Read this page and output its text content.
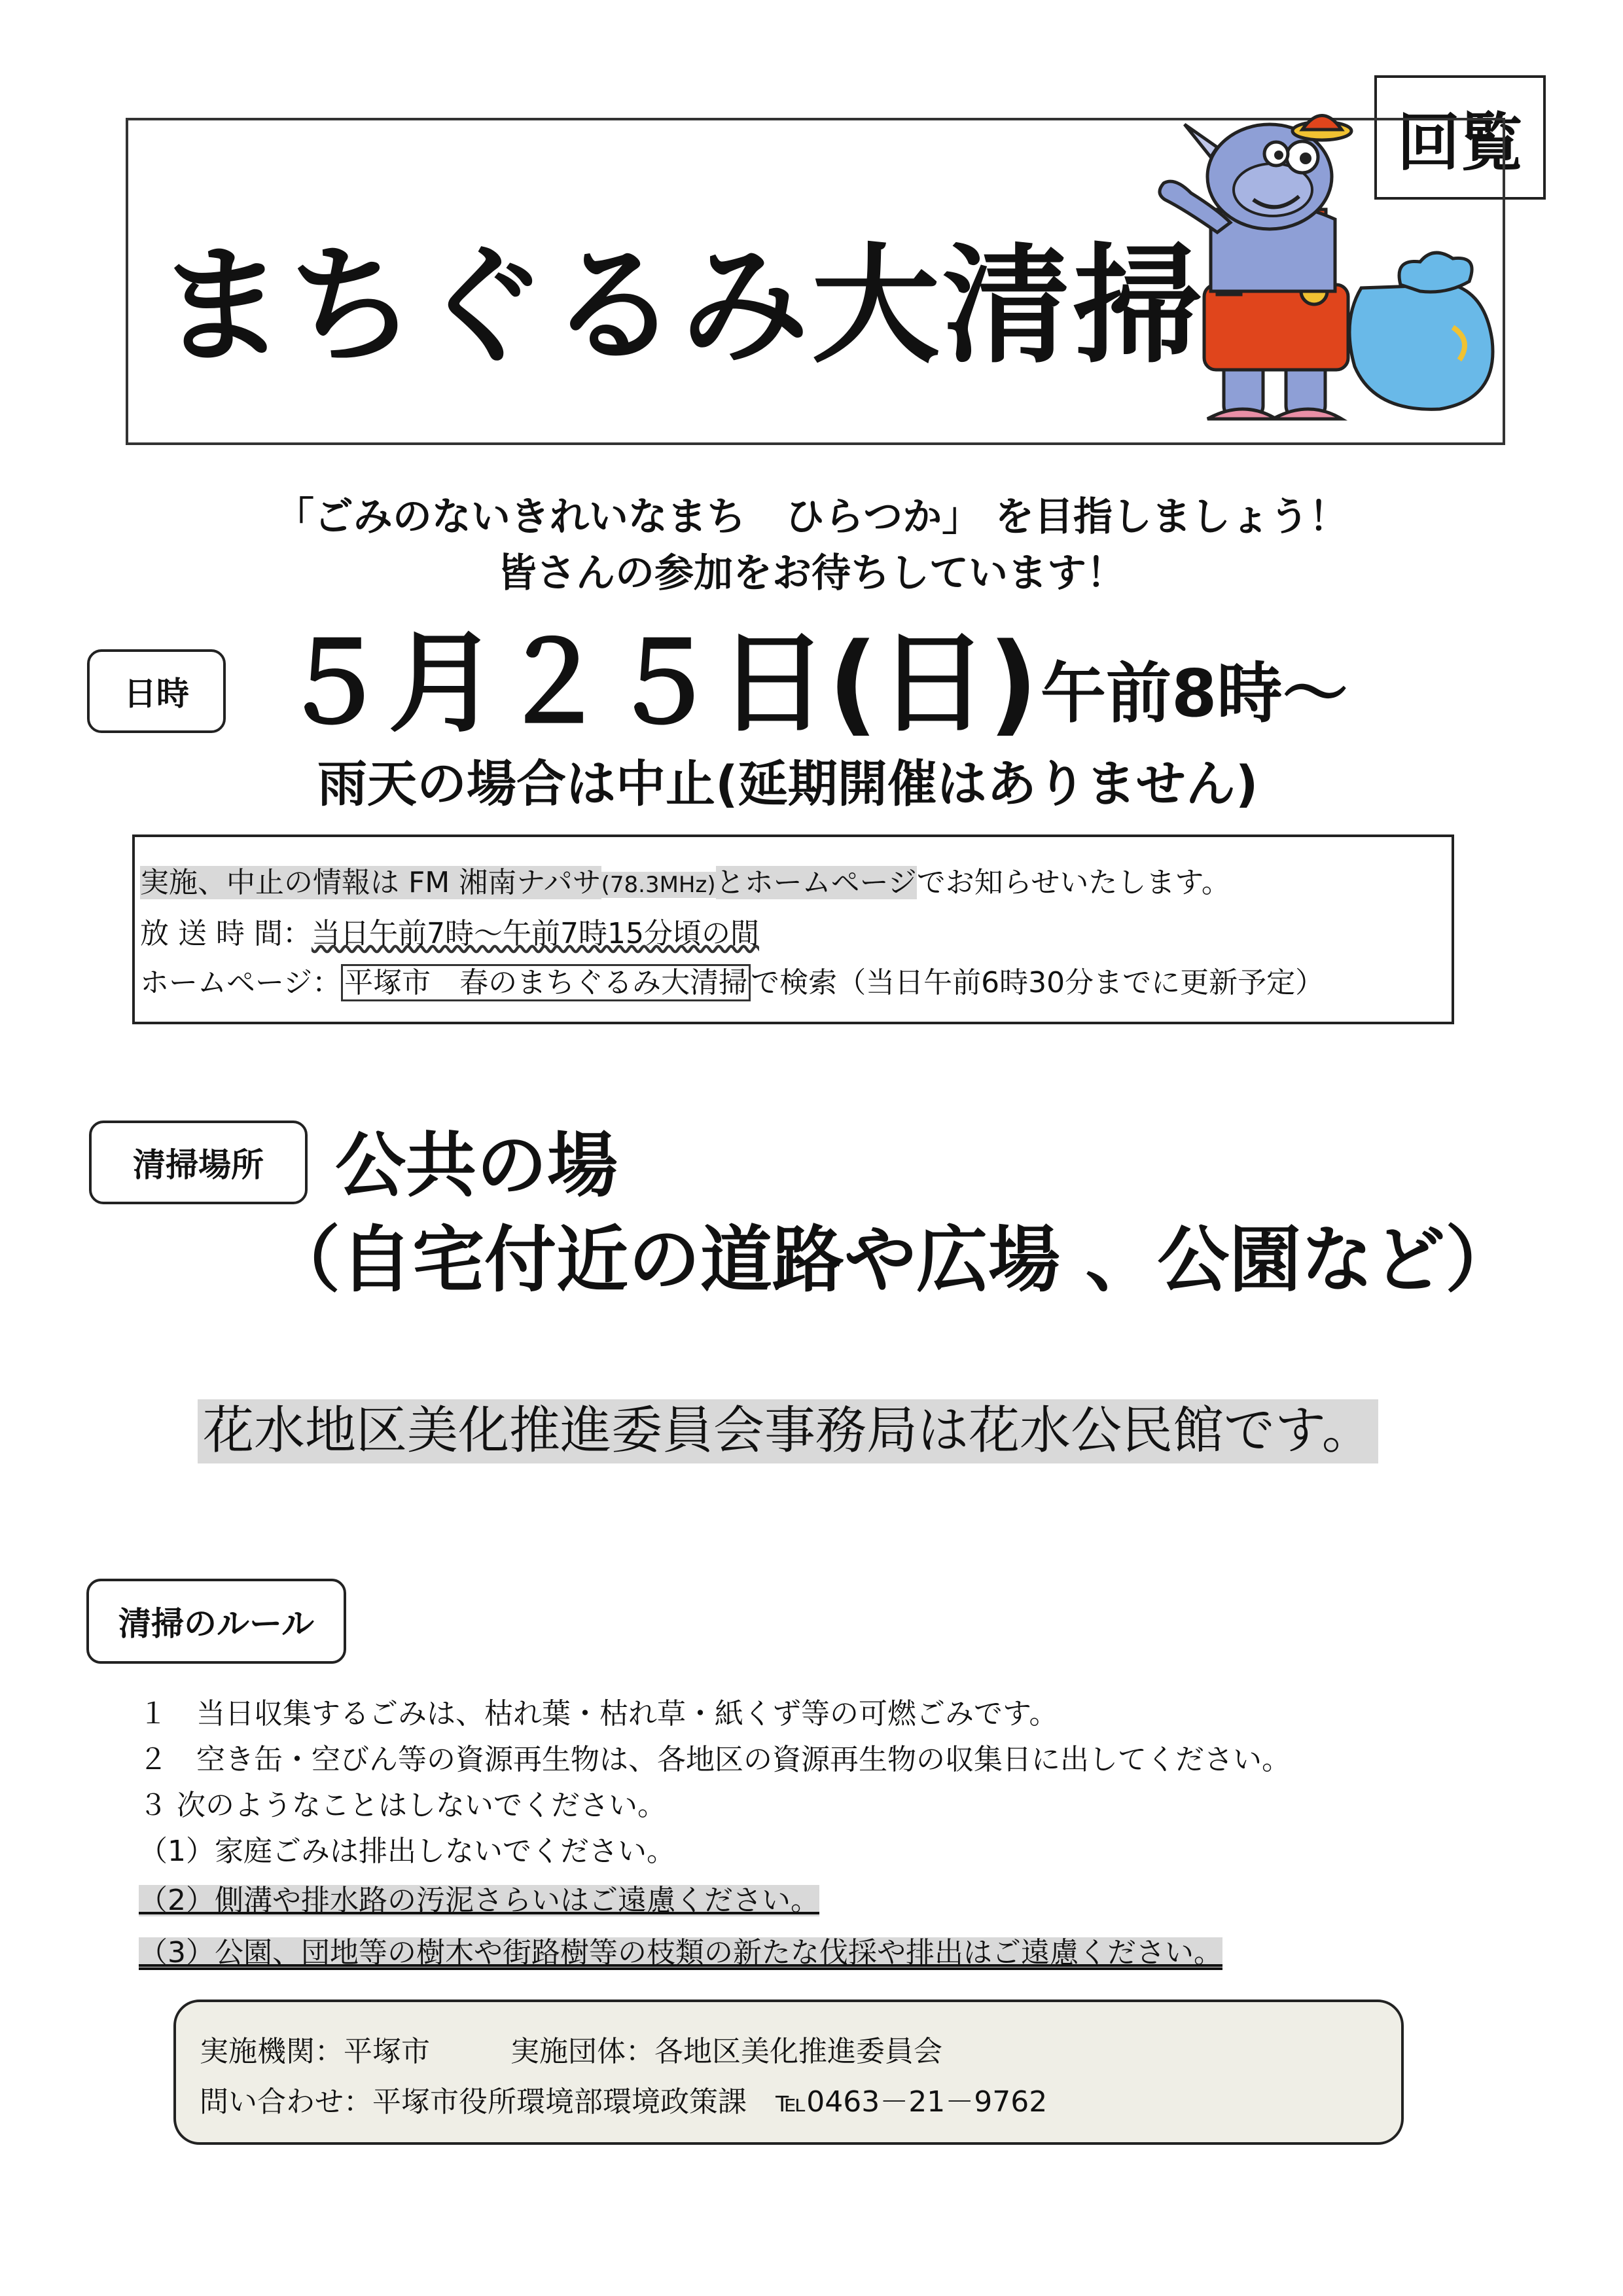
回覧
まちぐるみ大清掃
「ごみのないきれいなまち　ひらつか」 を目指しましょう！
皆さんの参加をお待ちしています！
日時 ５月２５日(日) 午前8時～
雨天の場合は中止(延期開催はありません)
実施、中止の情報は FM 湘南ナパサ(78.3MHz)とホームページでお知らせいたします。
放 送 時 間：当日午前7時～午前7時15分頃の間
ホームページ： 平塚市　春のまちぐるみ大清掃 で検索（当日午前6時30分までに更新予定）
清掃場所	公共の場
（自宅付近の道路や広場 、公園など）
花水地区美化推進委員会事務局は花水公民館です。
清掃のルール
１　当日収集するごみは、枯れ葉・枯れ草・紙くず等の可燃ごみです。
２　空き缶・空びん等の資源再生物は、各地区の資源再生物の収集日に出してください。
３ 次のようなことはしないでください。
（1）家庭ごみは排出しないでください。
（2）側溝や排水路の汚泥さらいはご遠慮ください。
（3）公園、団地等の樹木や街路樹等の枝類の新たな伐採や排出はご遠慮ください。
実施機関：平塚市	実施団体：各地区美化推進委員会
問い合わせ：平塚市役所環境部環境政策課　℡0463－21－9762
